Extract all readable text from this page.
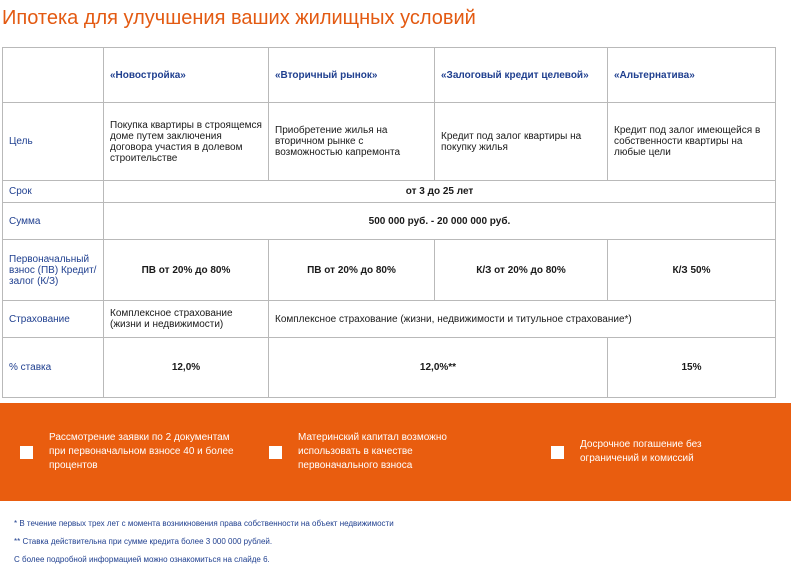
Ипотека для улучшения ваших жилищных условий
	«Новостройка»	«Вторичный рынок»	«Залоговый кредит целевой»	«Альтернатива»
Цель	Покупка квартиры в строящемся доме путем заключения договора участия в долевом строительстве	Приобретение жилья на вторичном рынке с возможностью капремонта	Кредит под залог квартиры на покупку жилья	Кредит под залог имеющейся в собственности квартиры на любые цели
Срок	от 3 до 25 лет			
Сумма	500 000 руб. - 20 000 000 руб.			
Первоначальный взнос (ПВ) Кредит/залог (К/З)	ПВ от 20% до 80%	ПВ от 20% до 80%	К/З от 20% до 80%	К/З 50%
Страхование	Комплексное страхование (жизни и недвижимости)	Комплексное страхование (жизни, недвижимости и титульное страхование*)		
% ставка	12,0%	12,0%**		15%
Рассмотрение заявки по 2 документам при первоначальном взносе 40 и более процентов
Материнский капитал возможно использовать в качестве первоначального взноса
Досрочное погашение без ограничений и комиссий

* В течение первых трех лет с момента возникновения права собственности на объект недвижимости

** Ставка действительна при сумме кредита более 3 000 000 рублей.

С более подробной информацией можно ознакомиться на слайде 6.
